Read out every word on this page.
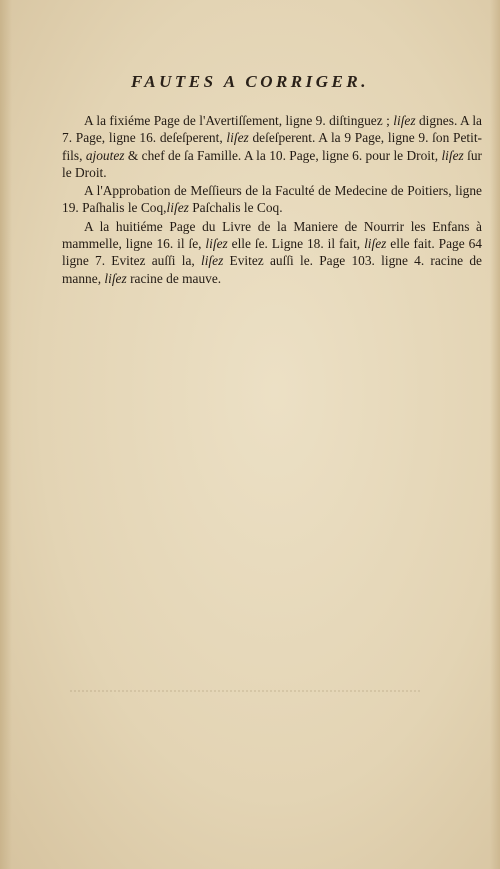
FAUTES A CORRIGER.

A la fixiéme Page de l'Avertiſſement, ligne 9. diſtinguez ; liſez dignes. A la 7. Page, ligne 16. deſeſperent, liſez deſeſperent. A la 9 Page, ligne 9. ſon Petit-fils, ajoutez & chef de ſa Famille. A la 10. Page, ligne 6. pour le Droit, liſez ſur le Droit.

A l'Approbation de Meſſieurs de la Faculté de Medecine de Poitiers, ligne 19. Paſhalis le Coq,liſez Paſchalis le Coq.

A la huitiéme Page du Livre de la Maniere de Nourrir les Enfans à mammelle, ligne 16. il ſe, liſez elle ſe. Ligne 18. il fait, liſez elle fait. Page 64 ligne 7. Evitez auſſi la, liſez Evitez auſſi le. Page 103. ligne 4. racine de manne, liſez racine de mauve.
